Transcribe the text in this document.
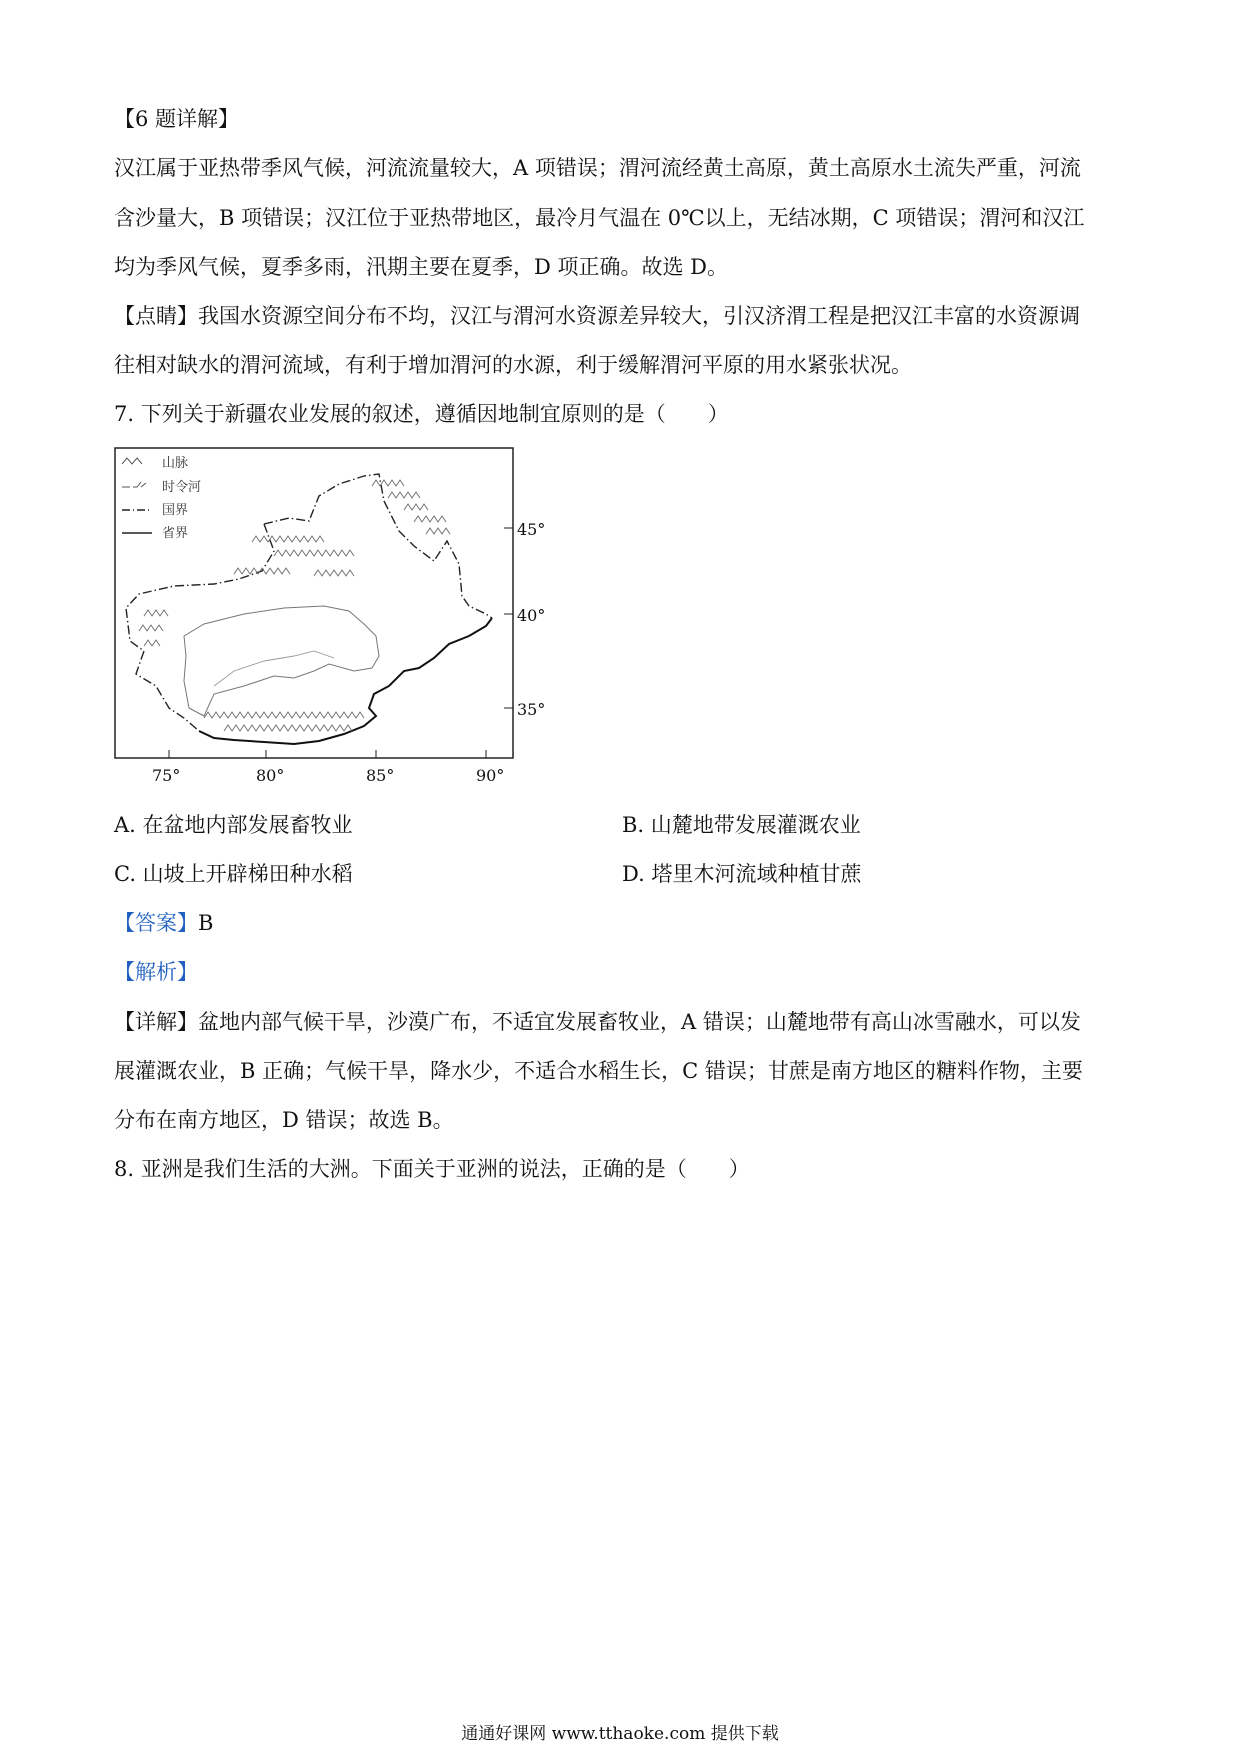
【6 题详解】
汉江属于亚热带季风气候，河流流量较大，A 项错误；渭河流经黄土高原，黄土高原水土流失严重，河流
含沙量大，B 项错误；汉江位于亚热带地区，最冷月气温在 0℃以上，无结冰期，C 项错误；渭河和汉江
均为季风气候，夏季多雨，汛期主要在夏季，D 项正确。故选 D。
【点睛】我国水资源空间分布不均，汉江与渭河水资源差异较大，引汉济渭工程是把汉江丰富的水资源调
往相对缺水的渭河流域，有利于增加渭河的水源，利于缓解渭河平原的用水紧张状况。
7. 下列关于新疆农业发展的叙述，遵循因地制宜原则的是（　　）
山脉
时令河
国界
省界	45°
40°
35°
75°	80°	85°	90°
A. 在盆地内部发展畜牧业	B. 山麓地带发展灌溉农业
C. 山坡上开辟梯田种水稻	D. 塔里木河流域种植甘蔗
【答案】B
【解析】
【详解】盆地内部气候干旱，沙漠广布，不适宜发展畜牧业，A 错误；山麓地带有高山冰雪融水，可以发
展灌溉农业，B 正确；气候干旱，降水少，不适合水稻生长，C 错误；甘蔗是南方地区的糖料作物，主要
分布在南方地区，D 错误；故选 B。
8. 亚洲是我们生活的大洲。下面关于亚洲的说法，正确的是（　　）
通通好课网 www.tthaoke.com 提供下载
